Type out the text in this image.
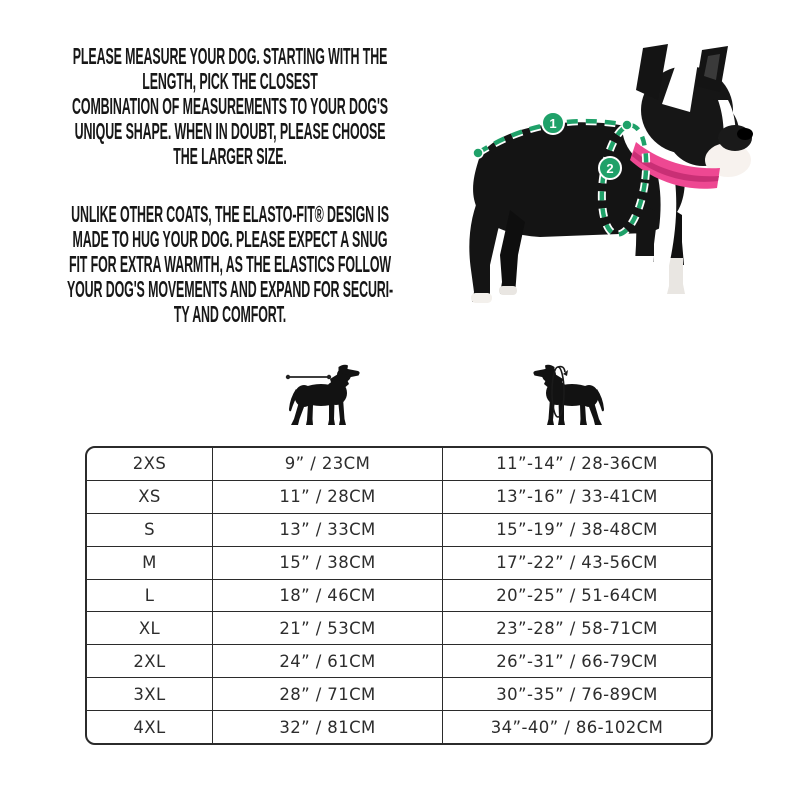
PLEASE MEASURE YOUR DOG. STARTING WITH THE
LENGTH, PICK THE CLOSEST
COMBINATION OF MEASUREMENTS TO YOUR DOG'S
UNIQUE SHAPE. WHEN IN DOUBT, PLEASE CHOOSE
THE LARGER SIZE.
UNLIKE OTHER COATS, THE ELASTO-FIT® DESIGN IS
MADE TO HUG YOUR DOG. PLEASE EXPECT A SNUG
FIT FOR EXTRA WARMTH, AS THE ELASTICS FOLLOW
YOUR DOG'S MOVEMENTS AND EXPAND FOR SECURI-
TY AND COMFORT.
1
2
2XS	9” / 23CM	11”-14” / 28-36CM
XS	11” / 28CM	13”-16” / 33-41CM
S	13” / 33CM	15”-19” / 38-48CM
M	15” / 38CM	17”-22” / 43-56CM
L	18” / 46CM	20”-25” / 51-64CM
XL	21” / 53CM	23”-28” / 58-71CM
2XL	24” / 61CM	26”-31” / 66-79CM
3XL	28” / 71CM	30”-35” / 76-89CM
4XL	32” / 81CM	34”-40” / 86-102CM
